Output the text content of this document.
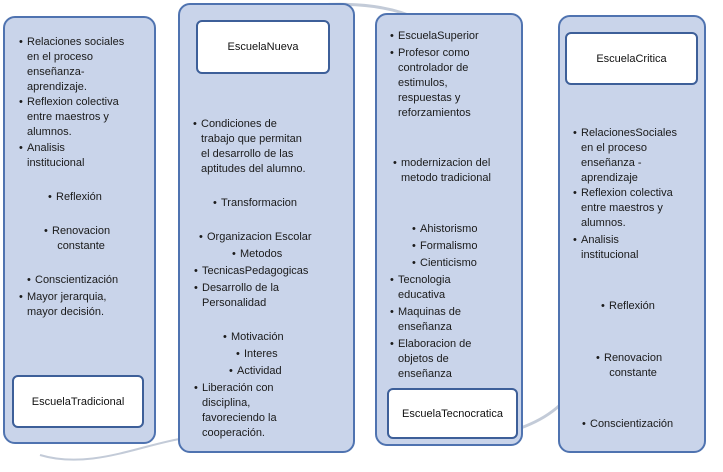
• Relaciones sociales
en el proceso
enseñanza-
aprendizaje.
• Reflexion colectiva
entre maestros y
alumnos.
• Analisis
institucional
• Reflexión
• Renovacion
constante
• Conscientización
• Mayor jerarquia,
mayor decisión.
EscuelaTradicional
EscuelaNueva
• Condiciones de
trabajo que permitan
el desarrollo de las
aptitudes del alumno.
• Transformacion
• Organizacion Escolar
• Metodos
• TecnicasPedagogicas
• Desarrollo de la
Personalidad
• Motivación
• Interes
• Actividad
• Liberación con
disciplina,
favoreciendo la
cooperación.
• EscuelaSuperior
• Profesor como
controlador de
estimulos,
respuestas y
reforzamientos
• modernizacion del
metodo tradicional
• Ahistorismo
• Formalismo
• Cienticismo
• Tecnologia
educativa
• Maquinas de
enseñanza
• Elaboracion de
objetos de
enseñanza
EscuelaTecnocratica
EscuelaCritica
• RelacionesSociales
en el proceso
enseñanza -
aprendizaje
• Reflexion colectiva
entre maestros y
alumnos.
• Analisis
institucional
• Reflexión
• Renovacion
constante
• Conscientización
